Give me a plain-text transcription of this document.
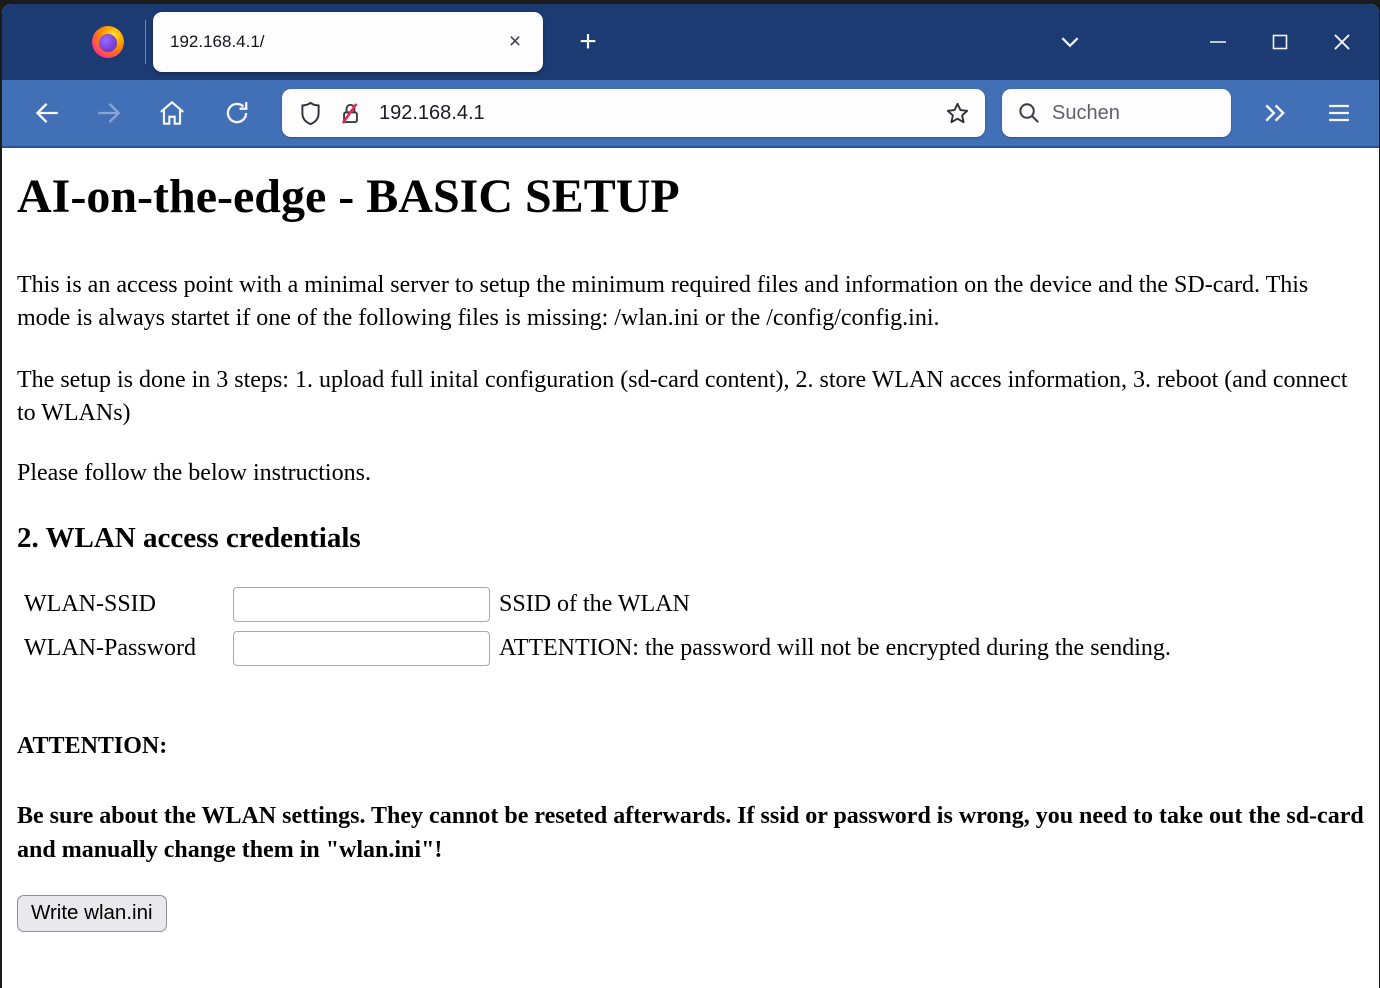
192.168.4.1/	× +
192.168.4.1
Suchen
AI-on-the-edge - BASIC SETUP

This is an access point with a minimal server to setup the minimum required files and information on the device and the SD-card. This mode is always startet if one of the following files is missing: /wlan.ini or the /config/config.ini.

The setup is done in 3 steps: 1. upload full inital configuration (sd-card content), 2. store WLAN acces information, 3. reboot (and connect to WLANs)

Please follow the below instructions.

2. WLAN access credentials
WLAN-SSID		SSID of the WLAN
WLAN-Password		ATTENTION: the password will not be encrypted during the sending.

ATTENTION:

Be sure about the WLAN settings. They cannot be reseted afterwards. If ssid or password is wrong, you need to take out the sd-card and manually change them in "wlan.ini"!

Write wlan.ini
